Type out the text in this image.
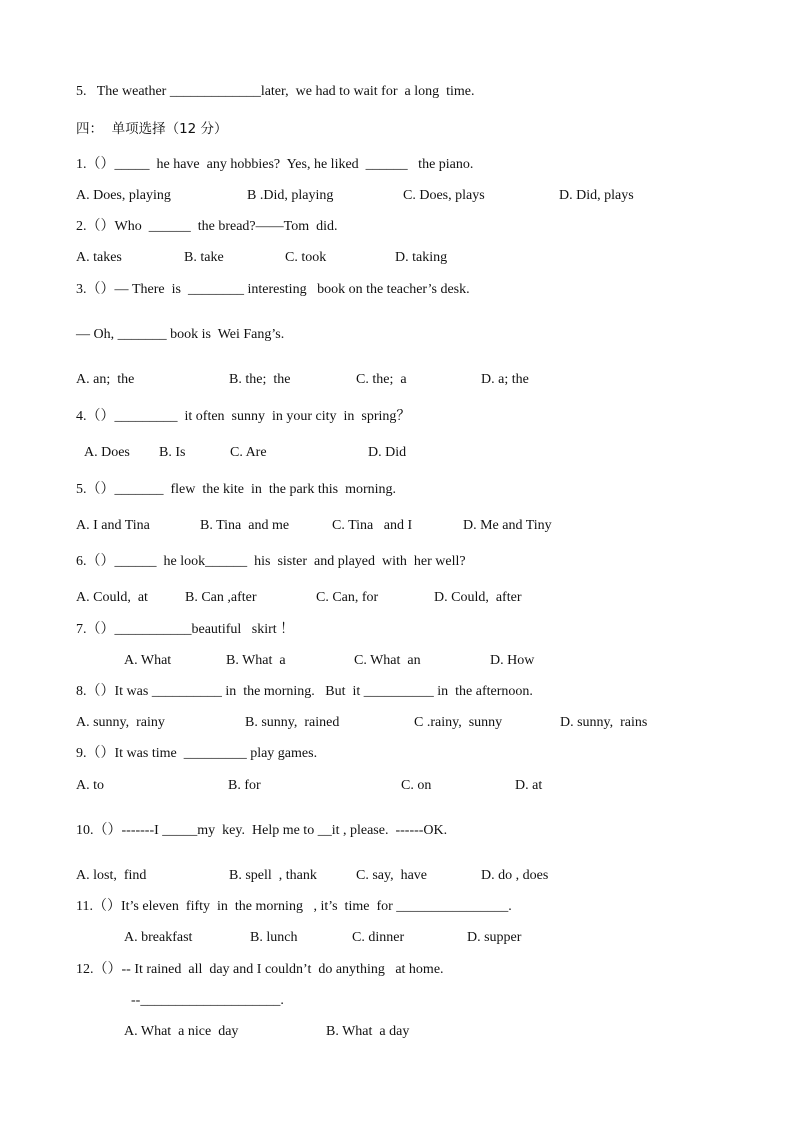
5.   The weather _____________later,  we had to wait for  a long  time.
四：  单项选择（12 分）
1.（）_____  he have  any hobbies?  Yes, he liked  ______   the piano.
A. Does, playing	B .Did, playing	C. Does, plays	D. Did, plays
2.（）Who  ______  the bread?——Tom  did.
A. takes	B. take	C. took	D. taking
3.（）— There  is  ________ interesting   book on the teacher’s desk.
— Oh, _______ book is  Wei Fang’s.
A. an;  the	B. the;  the	C. the;  a	D. a; the
4.（）_________  it often  sunny  in your city  in  spring？
A. Does B. Is	C. Are	D. Did
5.（）_______  flew  the kite  in  the park this  morning.
A. I and Tina	B. Tina  and me	C. Tina   and I	D. Me and Tiny
6.（）______  he look______  his  sister  and played  with  her well?
A. Could,  at	B. Can ,after	C. Can, for	D. Could,  after
7.（）___________beautiful   skirt ！
A. What	B. What  a	C. What  an	D. How
8.（）It was __________ in  the morning.   But  it __________ in  the afternoon.
A. sunny,  rainy	B. sunny,  rained	C .rainy,  sunny	D. sunny,  rains
9.（）It was time  _________ play games.
A. to	B. for	C. on	D. at
10.（）-------I _____my  key.  Help me to __it , please.  ------OK.
A. lost,  find	B. spell  , thank	C. say,  have	D. do , does
11.（）It’s eleven  fifty  in  the morning   , it’s  time  for ________________.
A. breakfast	B. lunch	C. dinner	D. supper
12.（）-- It rained  all  day and I couldn’t  do anything   at home.
--____________________.
A. What  a nice  day	B. What  a day
